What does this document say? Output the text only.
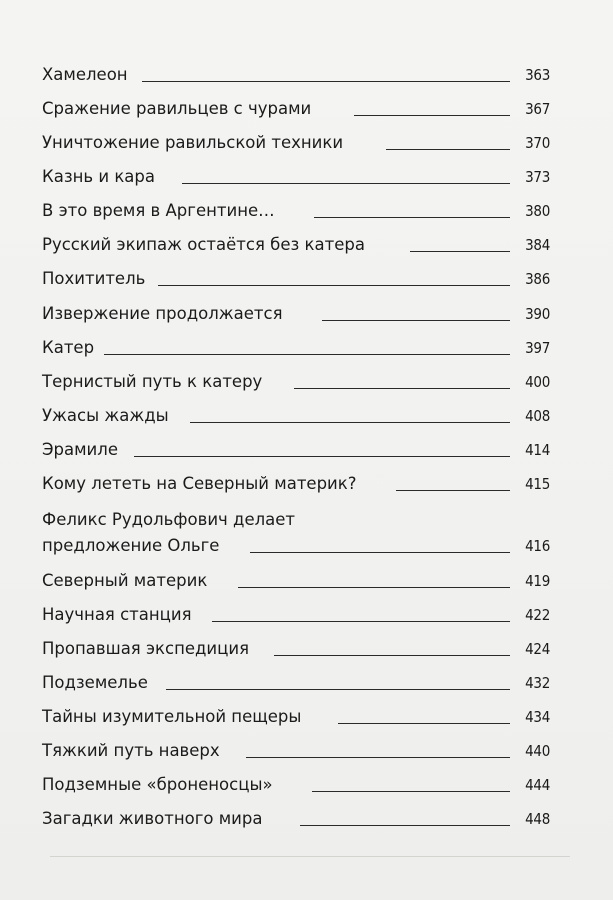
Хамелеон	363
Сражение равильцев с чурами	367
Уничтожение равильской техники	370
Казнь и кара	373
В это время в Аргентине…	380
Русский экипаж остаётся без катера	384
Похититель	386
Извержение продолжается	390
Катер	397
Тернистый путь к катеру	400
Ужасы жажды	408
Эрамиле	414
Кому лететь на Северный материк?	415
Феликс Рудольфович делает
предложение Ольге	416
Северный материк	419
Научная станция	422
Пропавшая экспедиция	424
Подземелье	432
Тайны изумительной пещеры	434
Тяжкий путь наверх	440
Подземные «броненосцы»	444
Загадки животного мира	448
